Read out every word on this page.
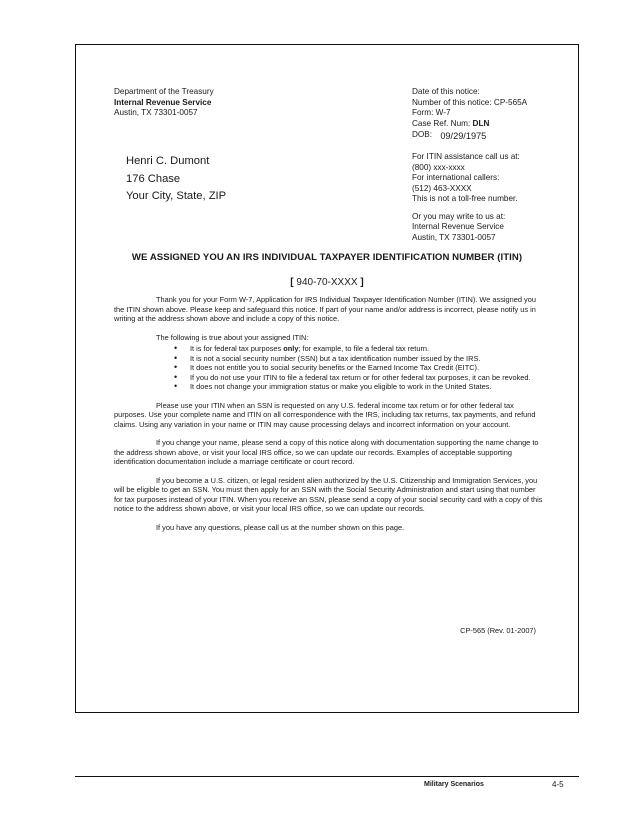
Department of the Treasury
Internal Revenue Service
Austin, TX 73301-0057
Date of this notice:
Number of this notice: CP-565A
Form: W-7
Case Ref. Num: DLN
DOB: 09/29/1975
Henri C. Dumont
176 Chase
Your City, State, ZIP
For ITIN assistance call us at:
(800) xxx-xxxx
For international callers:
(512) 463-XXXX
This is not a toll-free number.
Or you may write to us at:
Internal Revenue Service
Austin, TX 73301-0057
WE ASSIGNED YOU AN IRS INDIVIDUAL TAXPAYER IDENTIFICATION NUMBER (ITIN)
[ 940-70-XXXX ]

Thank you for your Form W-7, Application for IRS Individual Taxpayer Identification Number (ITIN). We assigned you the ITIN shown above. Please keep and safeguard this notice. If part of your name and/or address is incorrect, please notify us in writing at the address shown above and include a copy of this notice.

The following is true about your assigned ITIN:
• It is for federal tax purposes only; for example, to file a federal tax return.
• It is not a social security number (SSN) but a tax identification number issued by the IRS.
• It does not entitle you to social security benefits or the Earned Income Tax Credit (EITC).
• If you do not use your ITIN to file a federal tax return or for other federal tax purposes, it can be revoked.
• It does not change your immigration status or make you eligible to work in the United States.

Please use your ITIN when an SSN is requested on any U.S. federal income tax return or for other federal tax purposes. Use your complete name and ITIN on all correspondence with the IRS, including tax returns, tax payments, and refund claims. Using any variation in your name or ITIN may cause processing delays and incorrect information on your account.

If you change your name, please send a copy of this notice along with documentation supporting the name change to the address shown above, or visit your local IRS office, so we can update our records. Examples of acceptable supporting identification documentation include a marriage certificate or court record.

If you become a U.S. citizen, or legal resident alien authorized by the U.S. Citizenship and Immigration Services, you will be eligible to get an SSN. You must then apply for an SSN with the Social Security Administration and start using that number for tax purposes instead of your ITIN. When you receive an SSN, please send a copy of your social security card with a copy of this notice to the address shown above, or visit your local IRS office, so we can update our records.

If you have any questions, please call us at the number shown on this page.

CP-565 (Rev. 01-2007)
Military Scenarios	4-5
